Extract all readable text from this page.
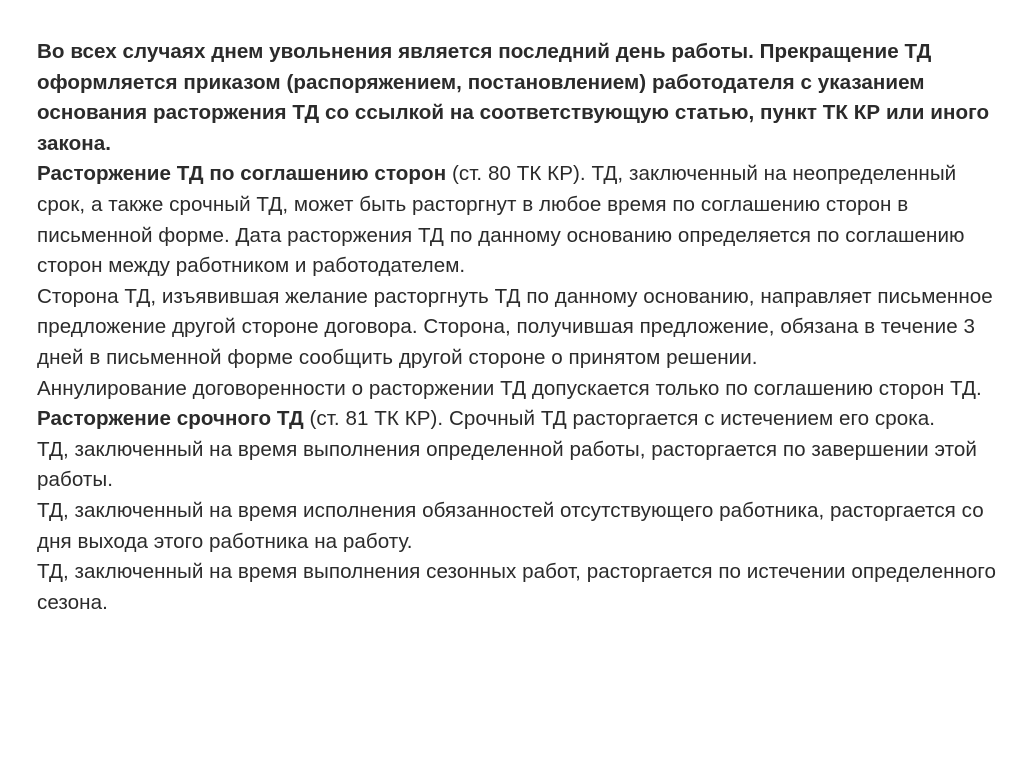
Во всех случаях днем увольнения является последний день работы. Прекращение ТД оформляется приказом (распоряжением, постановлением) работодателя с указанием основания расторжения ТД со ссылкой на соответствующую статью, пункт ТК КР или иного закона.

Расторжение ТД по соглашению сторон (ст. 80 ТК КР). ТД, заключенный на неопределенный срок, а также срочный ТД, может быть расторгнут в любое время по соглашению сторон в письменной форме. Дата расторжения ТД по данному основанию определяется по соглашению сторон между работником и работодателем.

Сторона ТД, изъявившая желание расторгнуть ТД по данному основанию, направляет письменное предложение другой стороне договора. Сторона, получившая предложение, обязана в течение 3 дней в письменной форме сообщить другой стороне о принятом решении.

Аннулирование договоренности о расторжении ТД допускается только по соглашению сторон ТД.

Расторжение срочного ТД (ст. 81 ТК КР). Срочный ТД расторгается с истечением его срока.

ТД, заключенный на время выполнения определенной работы, расторгается по завершении этой работы.

ТД, заключенный на время исполнения обязанностей отсутствующего работника, расторгается со дня выхода этого работника на работу.

ТД, заключенный на время выполнения сезонных работ, расторгается по истечении определенного сезона.
